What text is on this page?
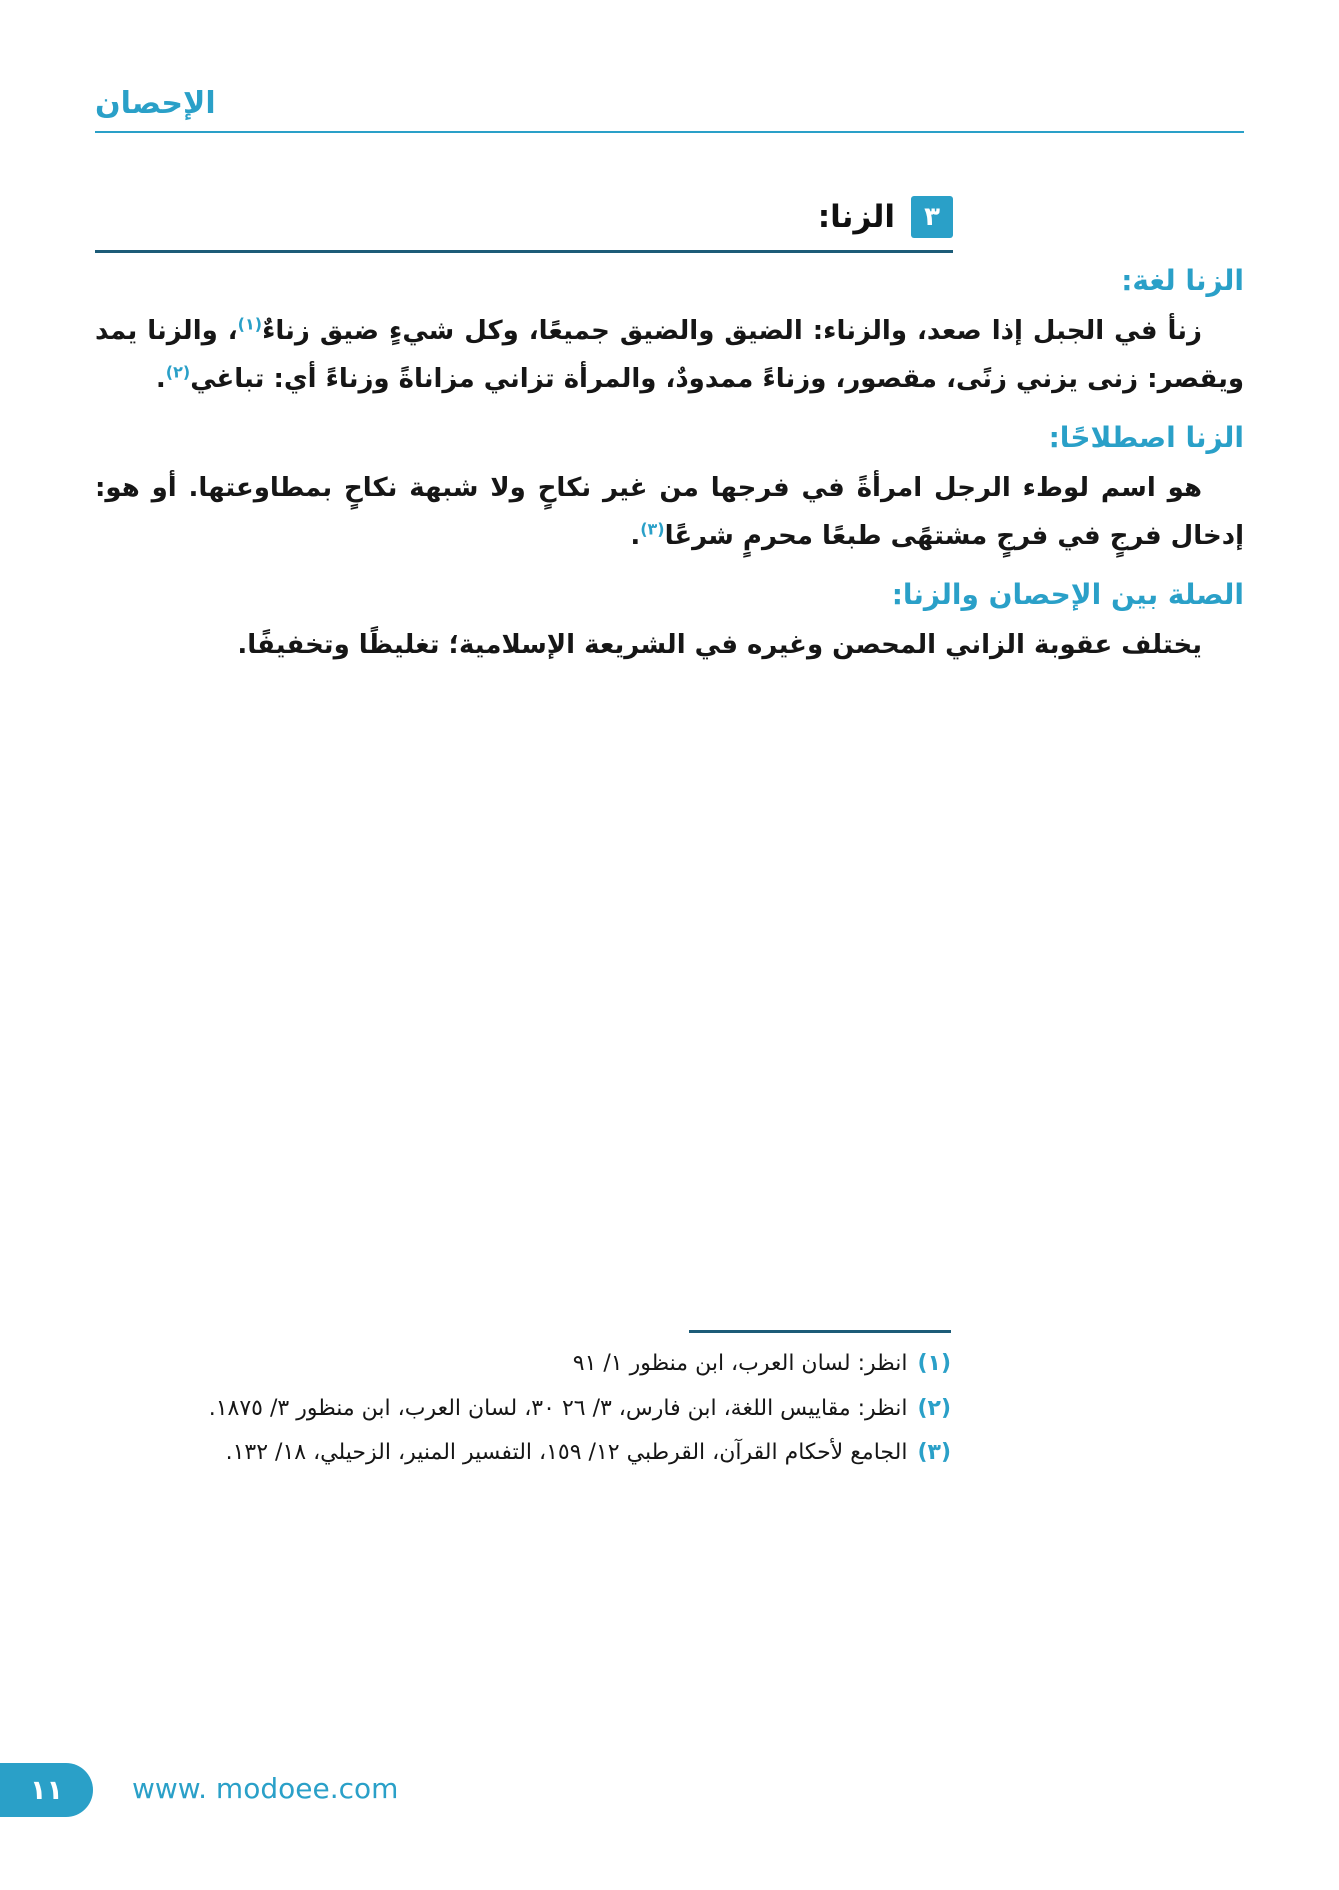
الإحصان
٣
الزنا:
الزنا لغة:

زنأ في الجبل إذا صعد، والزناء: الضيق والضيق جميعًا، وكل شيءٍ ضيق زناءٌ$^{(١)}$، والزنا يمد ويقصر: زنى يزني زنًى، مقصور، وزناءً ممدودٌ، والمرأة تزاني مزاناةً وزناءً أي: تباغي$^{(٢)}$.

الزنا اصطلاحًا:

هو اسم لوطء الرجل امرأةً في فرجها من غير نكاحٍ ولا شبهة نكاحٍ بمطاوعتها. أو هو: إدخال فرجٍ في فرجٍ مشتهًى طبعًا محرمٍ شرعًا$^{(٣)}$.

الصلة بين الإحصان والزنا:

يختلف عقوبة الزاني المحصن وغيره في الشريعة الإسلامية؛ تغليظًا وتخفيفًا.

(١)انظر: لسان العرب، ابن منظور ١/ ٩١
(٢)انظر: مقاييس اللغة، ابن فارس، ٣/ ٢٦ ٣٠، لسان العرب، ابن منظور ٣/ ١٨٧٥.
(٣)الجامع لأحكام القرآن، القرطبي ١٢/ ١٥٩، التفسير المنير، الزحيلي، ١٨/ ١٣٢.
١١ www. modoee.com
